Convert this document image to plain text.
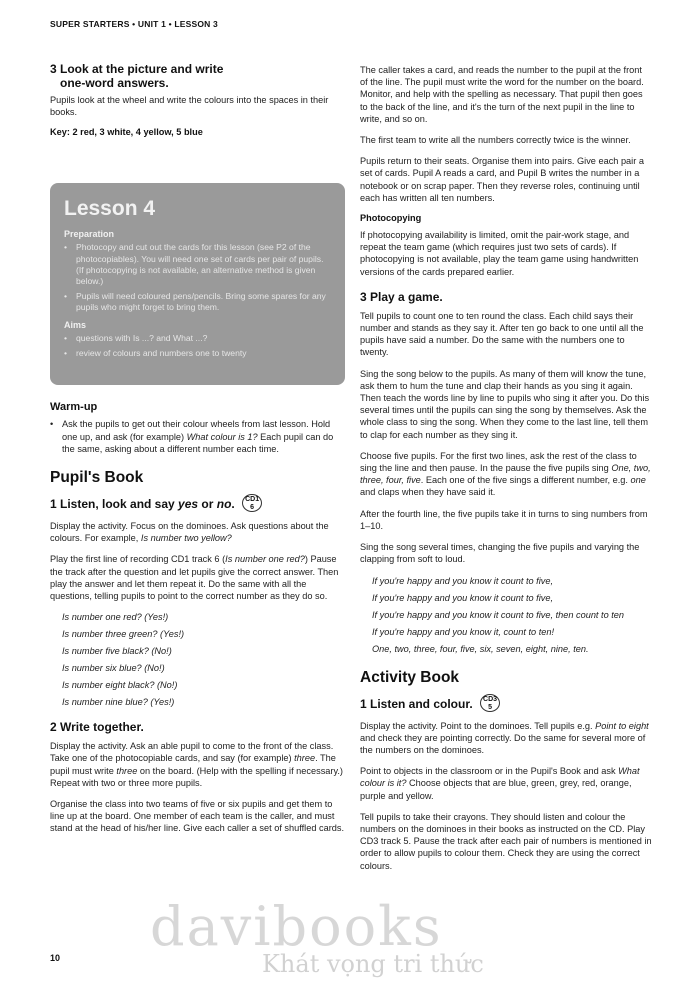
SUPER STARTERS • UNIT 1 • LESSON 3
3 Look at the picture and write
one-word answers.

Pupils look at the wheel and write the colours into the spaces in their books.

Key: 2 red, 3 white, 4 yellow, 5 blue
Lesson 4
Preparation
•	Photocopy and cut out the cards for this lesson (see P2 of the photocopiables). You will need one set of cards per pair of pupils. (If photocopying is not available, an alternative method is given below.)
•	Pupils will need coloured pens/pencils. Bring some spares for any pupils who might forget to bring them.
Aims
•	questions with Is ...? and What ...?
•	review of colours and numbers one to twenty
Warm-up
• Ask the pupils to get out their colour wheels from last lesson. Hold one up, and ask (for example) What colour is 1? Each pupil can do the same, asking about a different number each time.
Pupil's Book
1 Listen, look and say yes or no. CD1
6

Display the activity. Focus on the dominoes. Ask questions about the colours. For example, Is number two yellow?

Play the first line of recording CD1 track 6 (Is number one red?) Pause the track after the question and let pupils give the correct answer. Then play the answer and let them repeat it. Do the same with all the questions, telling pupils to point to the correct number as they do so.

Is number one red? (Yes!)
Is number three green? (Yes!)
Is number five black? (No!)
Is number six blue? (No!)
Is number eight black? (No!)
Is number nine blue? (Yes!)
2 Write together.

Display the activity. Ask an able pupil to come to the front of the class. Take one of the photocopiable cards, and say (for example) three. The pupil must write three on the board. (Help with the spelling if necessary.) Repeat with two or three more pupils.

Organise the class into two teams of five or six pupils and get them to line up at the board. One member of each team is the caller, and must stand at the head of his/her line. Give each caller a set of shuffled cards.

The caller takes a card, and reads the number to the pupil at the front of the line. The pupil must write the word for the number on the board. Monitor, and help with the spelling as necessary. That pupil then goes to the back of the line, and it's the turn of the next pupil in the line to write, and so on.

The first team to write all the numbers correctly twice is the winner.

Pupils return to their seats. Organise them into pairs. Give each pair a set of cards. Pupil A reads a card, and Pupil B writes the number in a notebook or on scrap paper. Then they reverse roles, continuing until each has written all ten numbers.

Photocopying

If photocopying availability is limited, omit the pair-work stage, and repeat the team game (which requires just two sets of cards). If photocopying is not available, play the team game using handwritten versions of the cards prepared earlier.

3 Play a game.

Tell pupils to count one to ten round the class. Each child says their number and stands as they say it. After ten go back to one until all the pupils have said a number. Do the same with the numbers one to twenty.

Sing the song below to the pupils. As many of them will know the tune, ask them to hum the tune and clap their hands as you sing it again. Then teach the words line by line to pupils who sing it after you. Do this several times until the pupils can sing the song by themselves. Ask the whole class to sing the song. When they come to the last line, tell them to clap for each number as they sing it.

Choose five pupils. For the first two lines, ask the rest of the class to sing the line and then pause. In the pause the five pupils sing One, two, three, four, five. Each one of the five sings a different number, e.g. one and claps when they have said it.

After the fourth line, the five pupils take it in turns to sing numbers from 1–10.

Sing the song several times, changing the five pupils and varying the clapping from soft to loud.

If you're happy and you know it count to five,
If you're happy and you know it count to five,
If you're happy and you know it count to five, then count to ten
If you're happy and you know it, count to ten!
One, two, three, four, five, six, seven, eight, nine, ten.
Activity Book
1 Listen and colour. CD3
5

Display the activity. Point to the dominoes. Tell pupils e.g. Point to eight and check they are pointing correctly. Do the same for several more of the numbers on the dominoes.

Point to objects in the classroom or in the Pupil's Book and ask What colour is it? Choose objects that are blue, green, grey, red, orange, purple and yellow.

Tell pupils to take their crayons. They should listen and colour the numbers on the dominoes in their books as instructed on the CD. Play CD3 track 5. Pause the track after each pair of numbers is mentioned in order to allow pupils to colour them. Check they are using the correct colours.

10 davibooks
Khát vọng tri thức
